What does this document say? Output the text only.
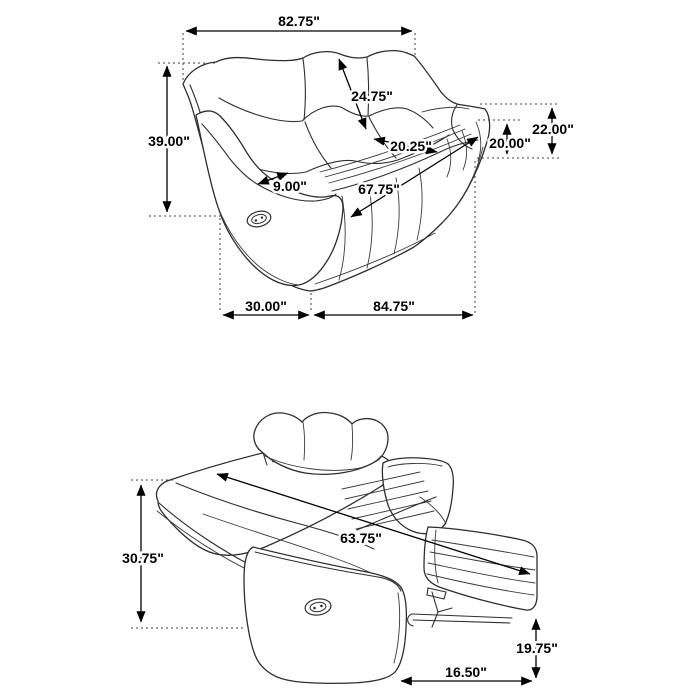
82.75"
39.00"
24.75"
20.25"
9.00"	67.75"
22.00"
20.00"
30.00"	84.75"
30.75"
63.75"
19.75"
16.50"
